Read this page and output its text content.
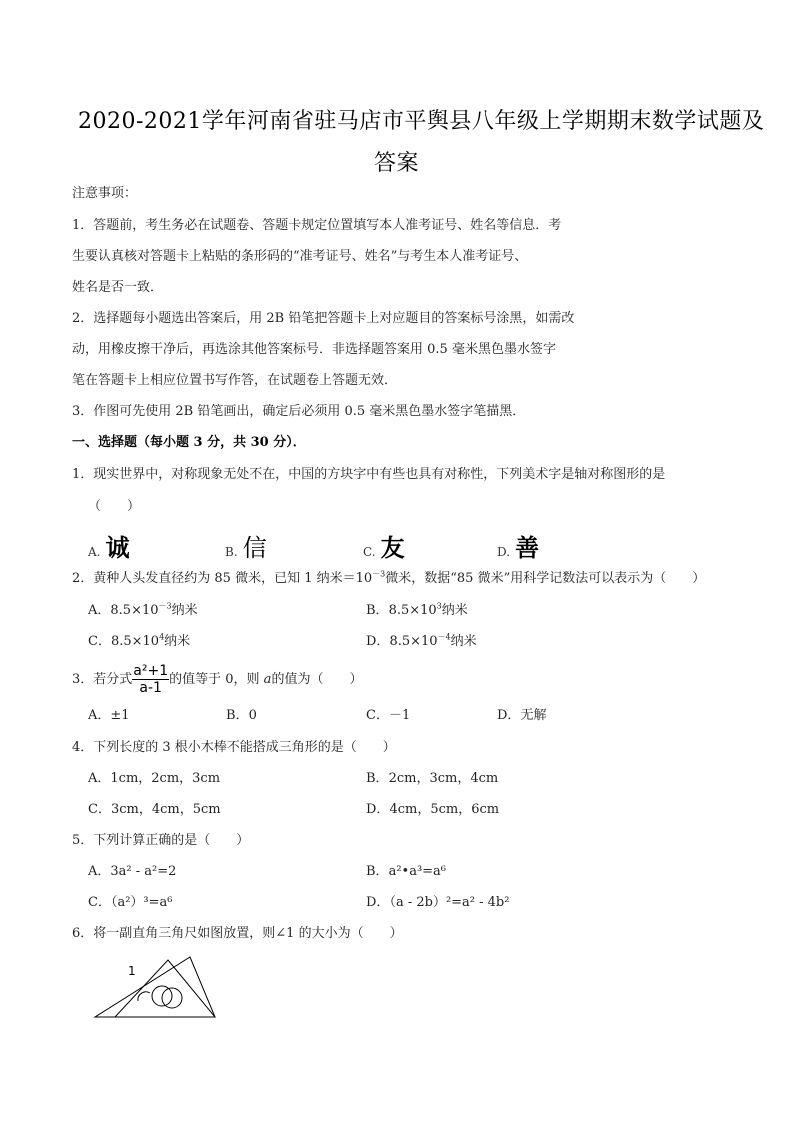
2020-2021学年河南省驻马店市平舆县八年级上学期期末数学试题及
答案
注意事项：
1．答题前，考生务必在试题卷、答题卡规定位置填写本人准考证号、姓名等信息．考
生要认真核对答题卡上粘贴的条形码的“准考证号、姓名”与考生本人准考证号、
姓名是否一致．
2．选择题每小题选出答案后，用 2B 铅笔把答题卡上对应题目的答案标号涂黑，如需改
动，用橡皮擦干净后，再选涂其他答案标号．非选择题答案用 0.5 毫米黑色墨水签字
笔在答题卡上相应位置书写作答，在试题卷上答题无效．
3．作图可先使用 2B 铅笔画出，确定后必须用 0.5 毫米黑色墨水签字笔描黑．
一、选择题（每小题 3 分，共 30 分）．
1．现实世界中，对称现象无处不在，中国的方块字中有些也具有对称性，下列美术字是轴对称图形的是
（　　）
A. 诚	B. 信	C. 友	D. 善
2．黄种人头发直径约为 85 微米，已知 1 纳米$=10^{-3}$微米，数据“85 微米”用科学记数法可以表示为（　　）
A．$8.5\times 10^{-3}$纳米	B．$8.5\times 10^3$纳米
C．$8.5\times 10^4$纳米	D．$8.5\times 10^{-4}$纳米
3．若分式 $\frac{\text{a²+1}}{a-1}$ 的值等于 0，则 a的值为（　　）
A．±1	B．0	C．－1	D．无解
4．下列长度的 3 根小木棒不能搭成三角形的是（　　）
A．1cm，2cm，3cm	B．2cm，3cm，4cm
C．3cm，4cm，5cm	D．4cm，5cm，6cm
5．下列计算正确的是（　　）
A．3a² - a²=2	B．a²•a³=a⁶
C．（a²）³=a⁶	D．（a - 2b）²=a² - 4b²
6．将一副直角三角尺如图放置，则∠1 的大小为（　　）
1
